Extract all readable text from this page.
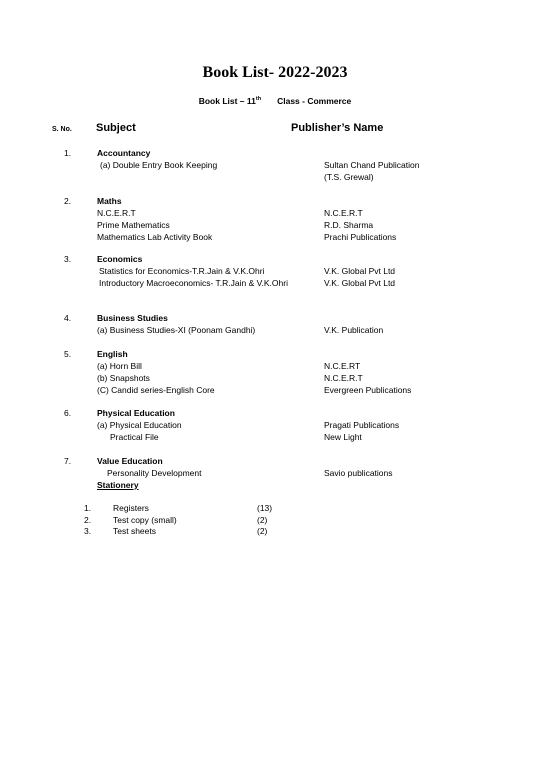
Book List- 2022-2023
Book List – 11th Class - Commerce
S. No. Subject	Publisher’s Name
1.	Accountancy
(a) Double Entry Book Keeping	Sultan Chand Publication
(T.S. Grewal)
2.	Maths
N.C.E.R.T	N.C.E.R.T
Prime Mathematics	R.D. Sharma
Mathematics Lab Activity Book	Prachi Publications
3.	Economics
Statistics for Economics-T.R.Jain & V.K.Ohri	V.K. Global Pvt Ltd
Introductory Macroeconomics- T.R.Jain & V.K.Ohri	V.K. Global Pvt Ltd
4.	Business Studies
(a) Business Studies-XI (Poonam Gandhi)	V.K. Publication
5.	English
(a) Horn Bill	N.C.E.RT
(b) Snapshots	N.C.E.R.T
(C) Candid series-English Core	Evergreen Publications
6.	Physical Education
(a) Physical Education	Pragati Publications
Practical File	New Light
7.	Value Education
Personality Development	Savio publications
Stationery
1.	Registers	(13)
2.	Test copy (small)	(2)
3.	Test sheets	(2)
